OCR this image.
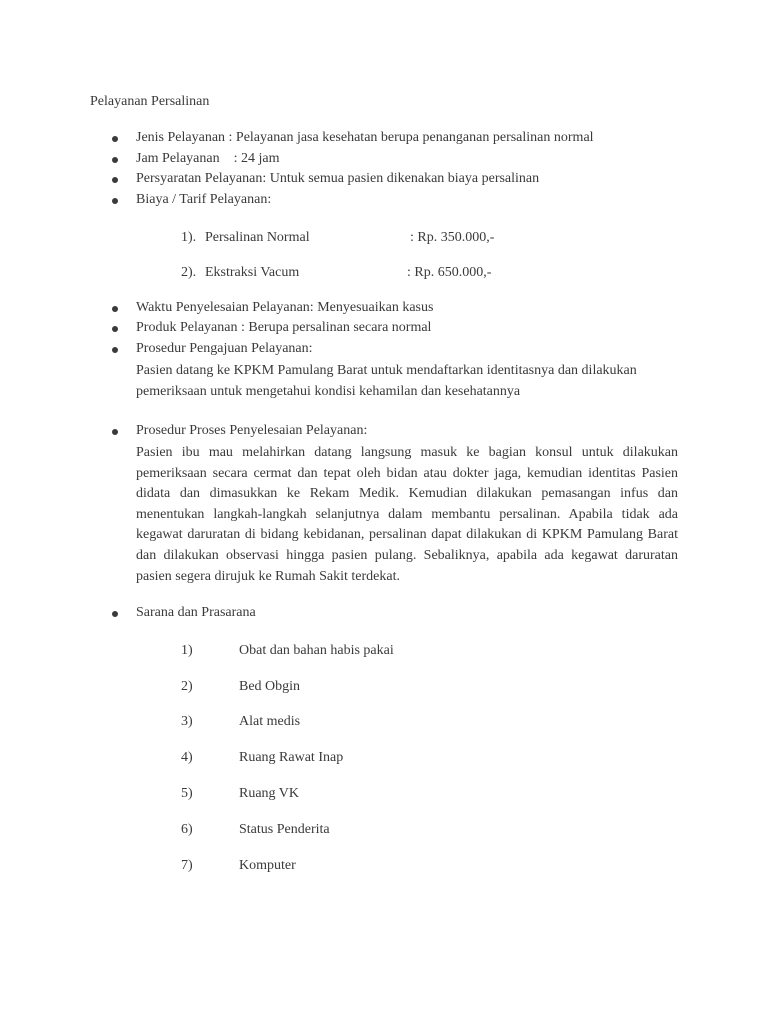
Pelayanan Persalinan
Jenis Pelayanan : Pelayanan jasa kesehatan berupa penanganan persalinan normal
Jam Pelayanan    : 24 jam
Persyaratan Pelayanan: Untuk semua pasien dikenakan biaya persalinan
Biaya / Tarif Pelayanan:
1). Persalinan Normal	: Rp. 350.000,-
2). Ekstraksi Vacum	: Rp. 650.000,-
Waktu Penyelesaian Pelayanan: Menyesuaikan kasus
Produk Pelayanan : Berupa persalinan secara normal
Prosedur Pengajuan Pelayanan:
Pasien datang ke KPKM Pamulang Barat untuk mendaftarkan identitasnya dan dilakukan pemeriksaan untuk mengetahui kondisi kehamilan dan kesehatannya
Prosedur Proses Penyelesaian Pelayanan:
Pasien ibu mau melahirkan datang langsung masuk ke bagian konsul untuk dilakukan pemeriksaan secara cermat dan tepat oleh bidan atau dokter jaga, kemudian identitas Pasien didata dan dimasukkan ke Rekam Medik. Kemudian dilakukan pemasangan infus dan menentukan langkah-langkah selanjutnya dalam membantu persalinan. Apabila tidak ada kegawat daruratan di bidang kebidanan, persalinan dapat dilakukan di KPKM Pamulang Barat dan dilakukan observasi hingga pasien pulang. Sebaliknya, apabila ada kegawat daruratan pasien segera dirujuk ke Rumah Sakit terdekat.
Sarana dan Prasarana
1)	Obat dan bahan habis pakai
2)	Bed Obgin
3)	Alat medis
4)	Ruang Rawat Inap
5)	Ruang VK
6)	Status Penderita
7)	Komputer
